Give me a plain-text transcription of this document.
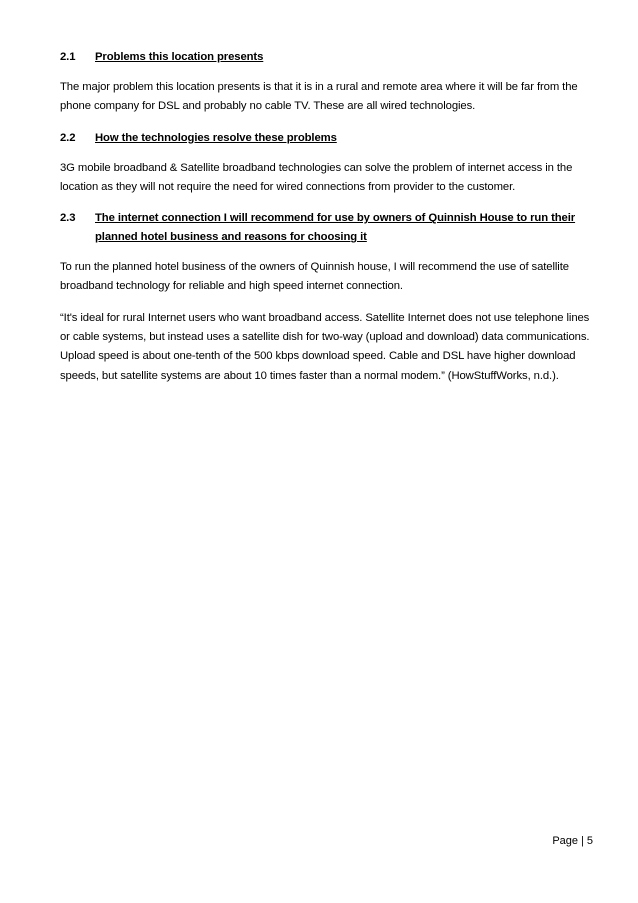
2.1	Problems this location presents

The major problem this location presents is that it is in a rural and remote area where it will be far from the phone company for DSL and probably no cable TV. These are all wired technologies.

2.2	How the technologies resolve these problems

3G mobile broadband & Satellite broadband technologies can solve the problem of internet access in the location as they will not require the need for wired connections from provider to the customer.

2.3	The internet connection I will recommend for use by owners of Quinnish House to run their planned hotel business and reasons for choosing it

To run the planned hotel business of the owners of Quinnish house, I will recommend the use of satellite broadband technology for reliable and high speed internet connection.

“It's ideal for rural Internet users who want broadband access. Satellite Internet does not use telephone lines or cable systems, but instead uses a satellite dish for two-way (upload and download) data communications. Upload speed is about one-tenth of the 500 kbps download speed. Cable and DSL have higher download speeds, but satellite systems are about 10 times faster than a normal modem.” (HowStuffWorks, n.d.).

Page | 5
